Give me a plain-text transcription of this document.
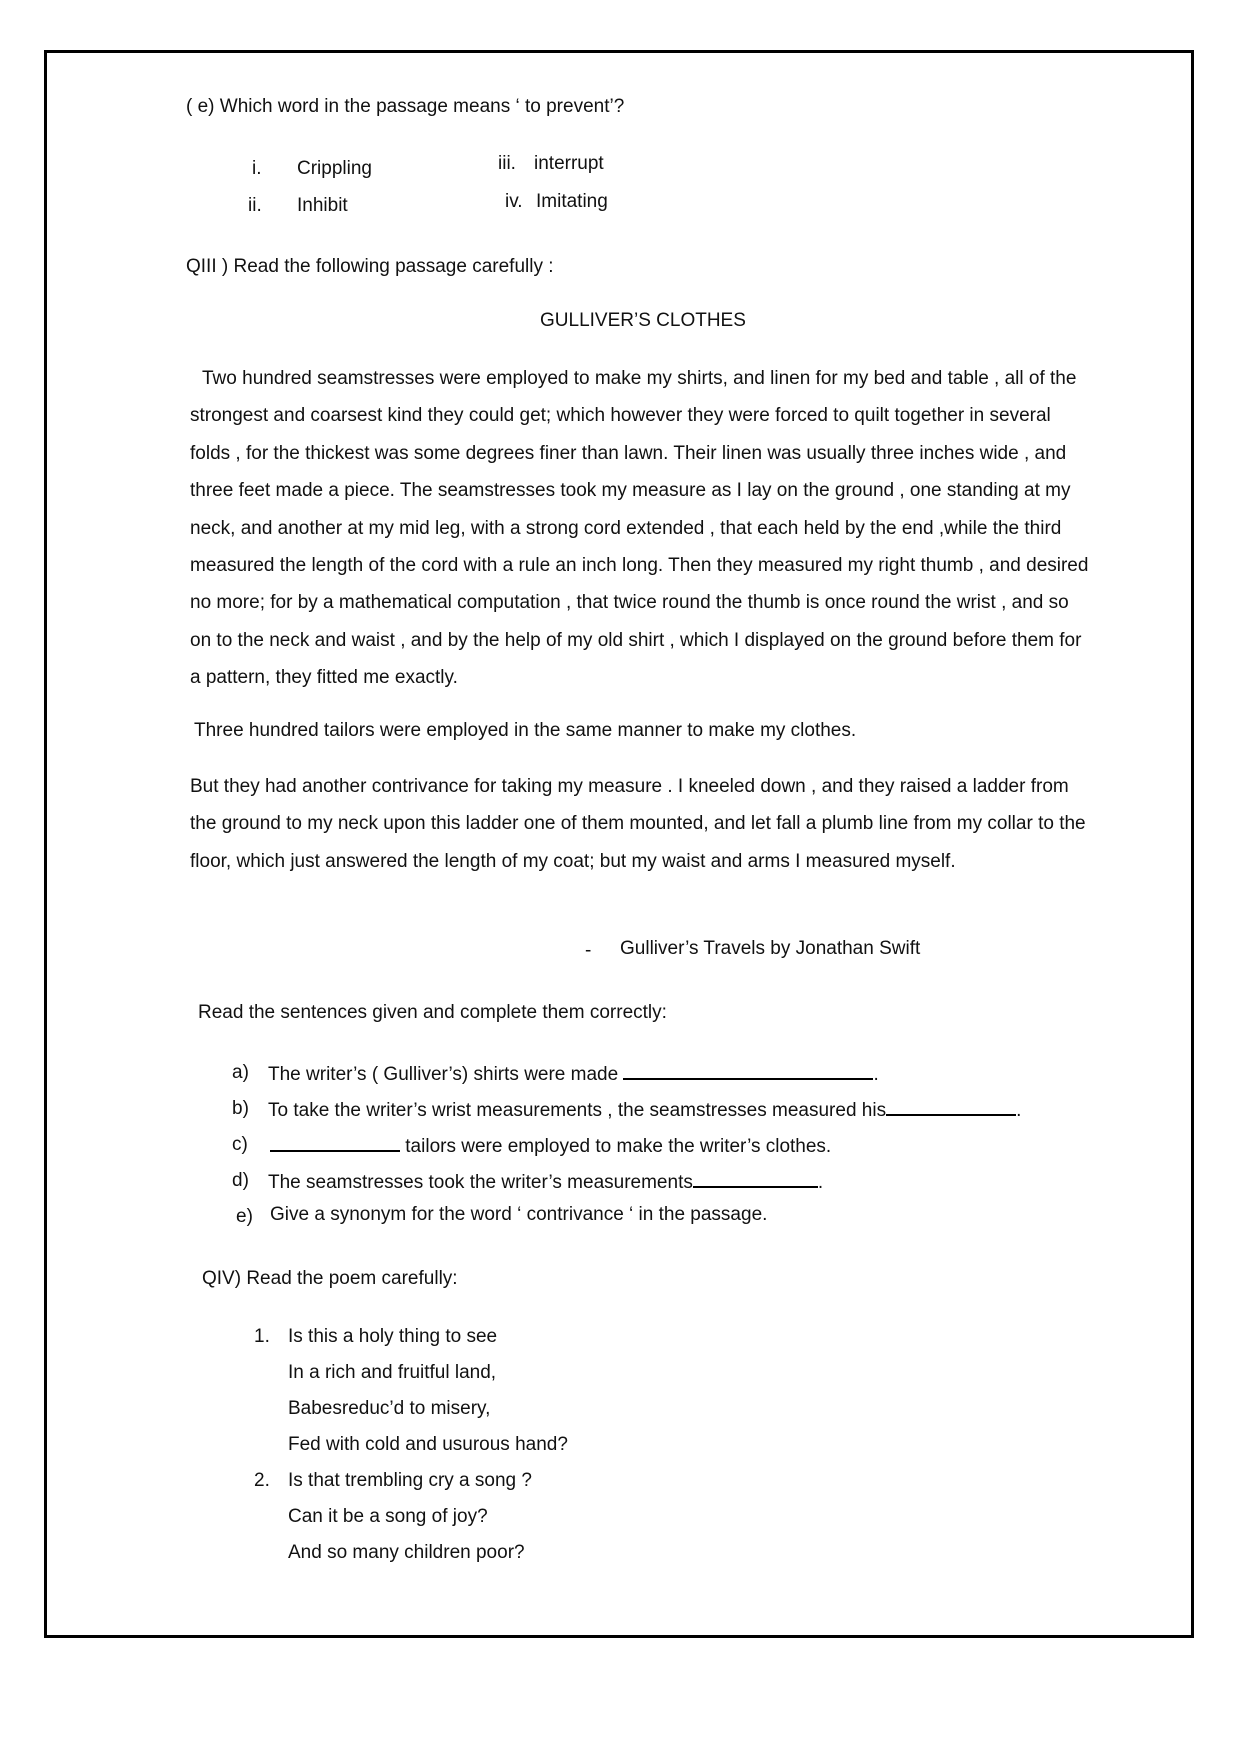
( e) Which word in the passage means ‘ to prevent’?
i. Crippling	iii. interrupt
ii. Inhibit	iv. Imitating
QIII ) Read the following passage carefully :
GULLIVER’S CLOTHES
Two hundred seamstresses were employed to make my shirts, and linen for my bed and table , all of the strongest and coarsest kind they could get; which however they were forced to quilt together in several folds , for the thickest was some degrees finer than lawn. Their linen was usually three inches wide , and three feet made a piece. The seamstresses took my measure as I lay on the ground , one standing at my neck, and another at my mid leg, with a strong cord extended , that each held by the end ,while the third measured the length of the cord with a rule an inch long. Then they measured my right thumb , and desired no more; for by a mathematical computation , that twice round the thumb is once round the wrist , and so on to the neck and waist , and by the help of my old shirt , which I displayed on the ground before them for a pattern, they fitted me exactly.
Three hundred tailors were employed in the same manner to make my clothes.
But they had another contrivance for taking my measure . I kneeled down , and they raised a ladder from the ground to my neck upon this ladder one of them mounted, and let fall a plumb line from my collar to the floor, which just answered the length of my coat; but my waist and arms I measured myself.
- Gulliver’s Travels by Jonathan Swift
Read the sentences given and complete them correctly:
a) The writer’s ( Gulliver’s) shirts were made	.
b) To take the writer’s wrist measurements , the seamstresses measured his	.
c)	tailors were employed to make the writer’s clothes.
d) The seamstresses took the writer’s measurements	.
e) Give a synonym for the word ‘ contrivance ‘ in the passage.
QIV) Read the poem carefully:
1. Is this a holy thing to see
In a rich and fruitful land,
Babesreduc’d to misery,
Fed with cold and usurous hand?
2. Is that trembling cry a song ?
Can it be a song of joy?
And so many children poor?
